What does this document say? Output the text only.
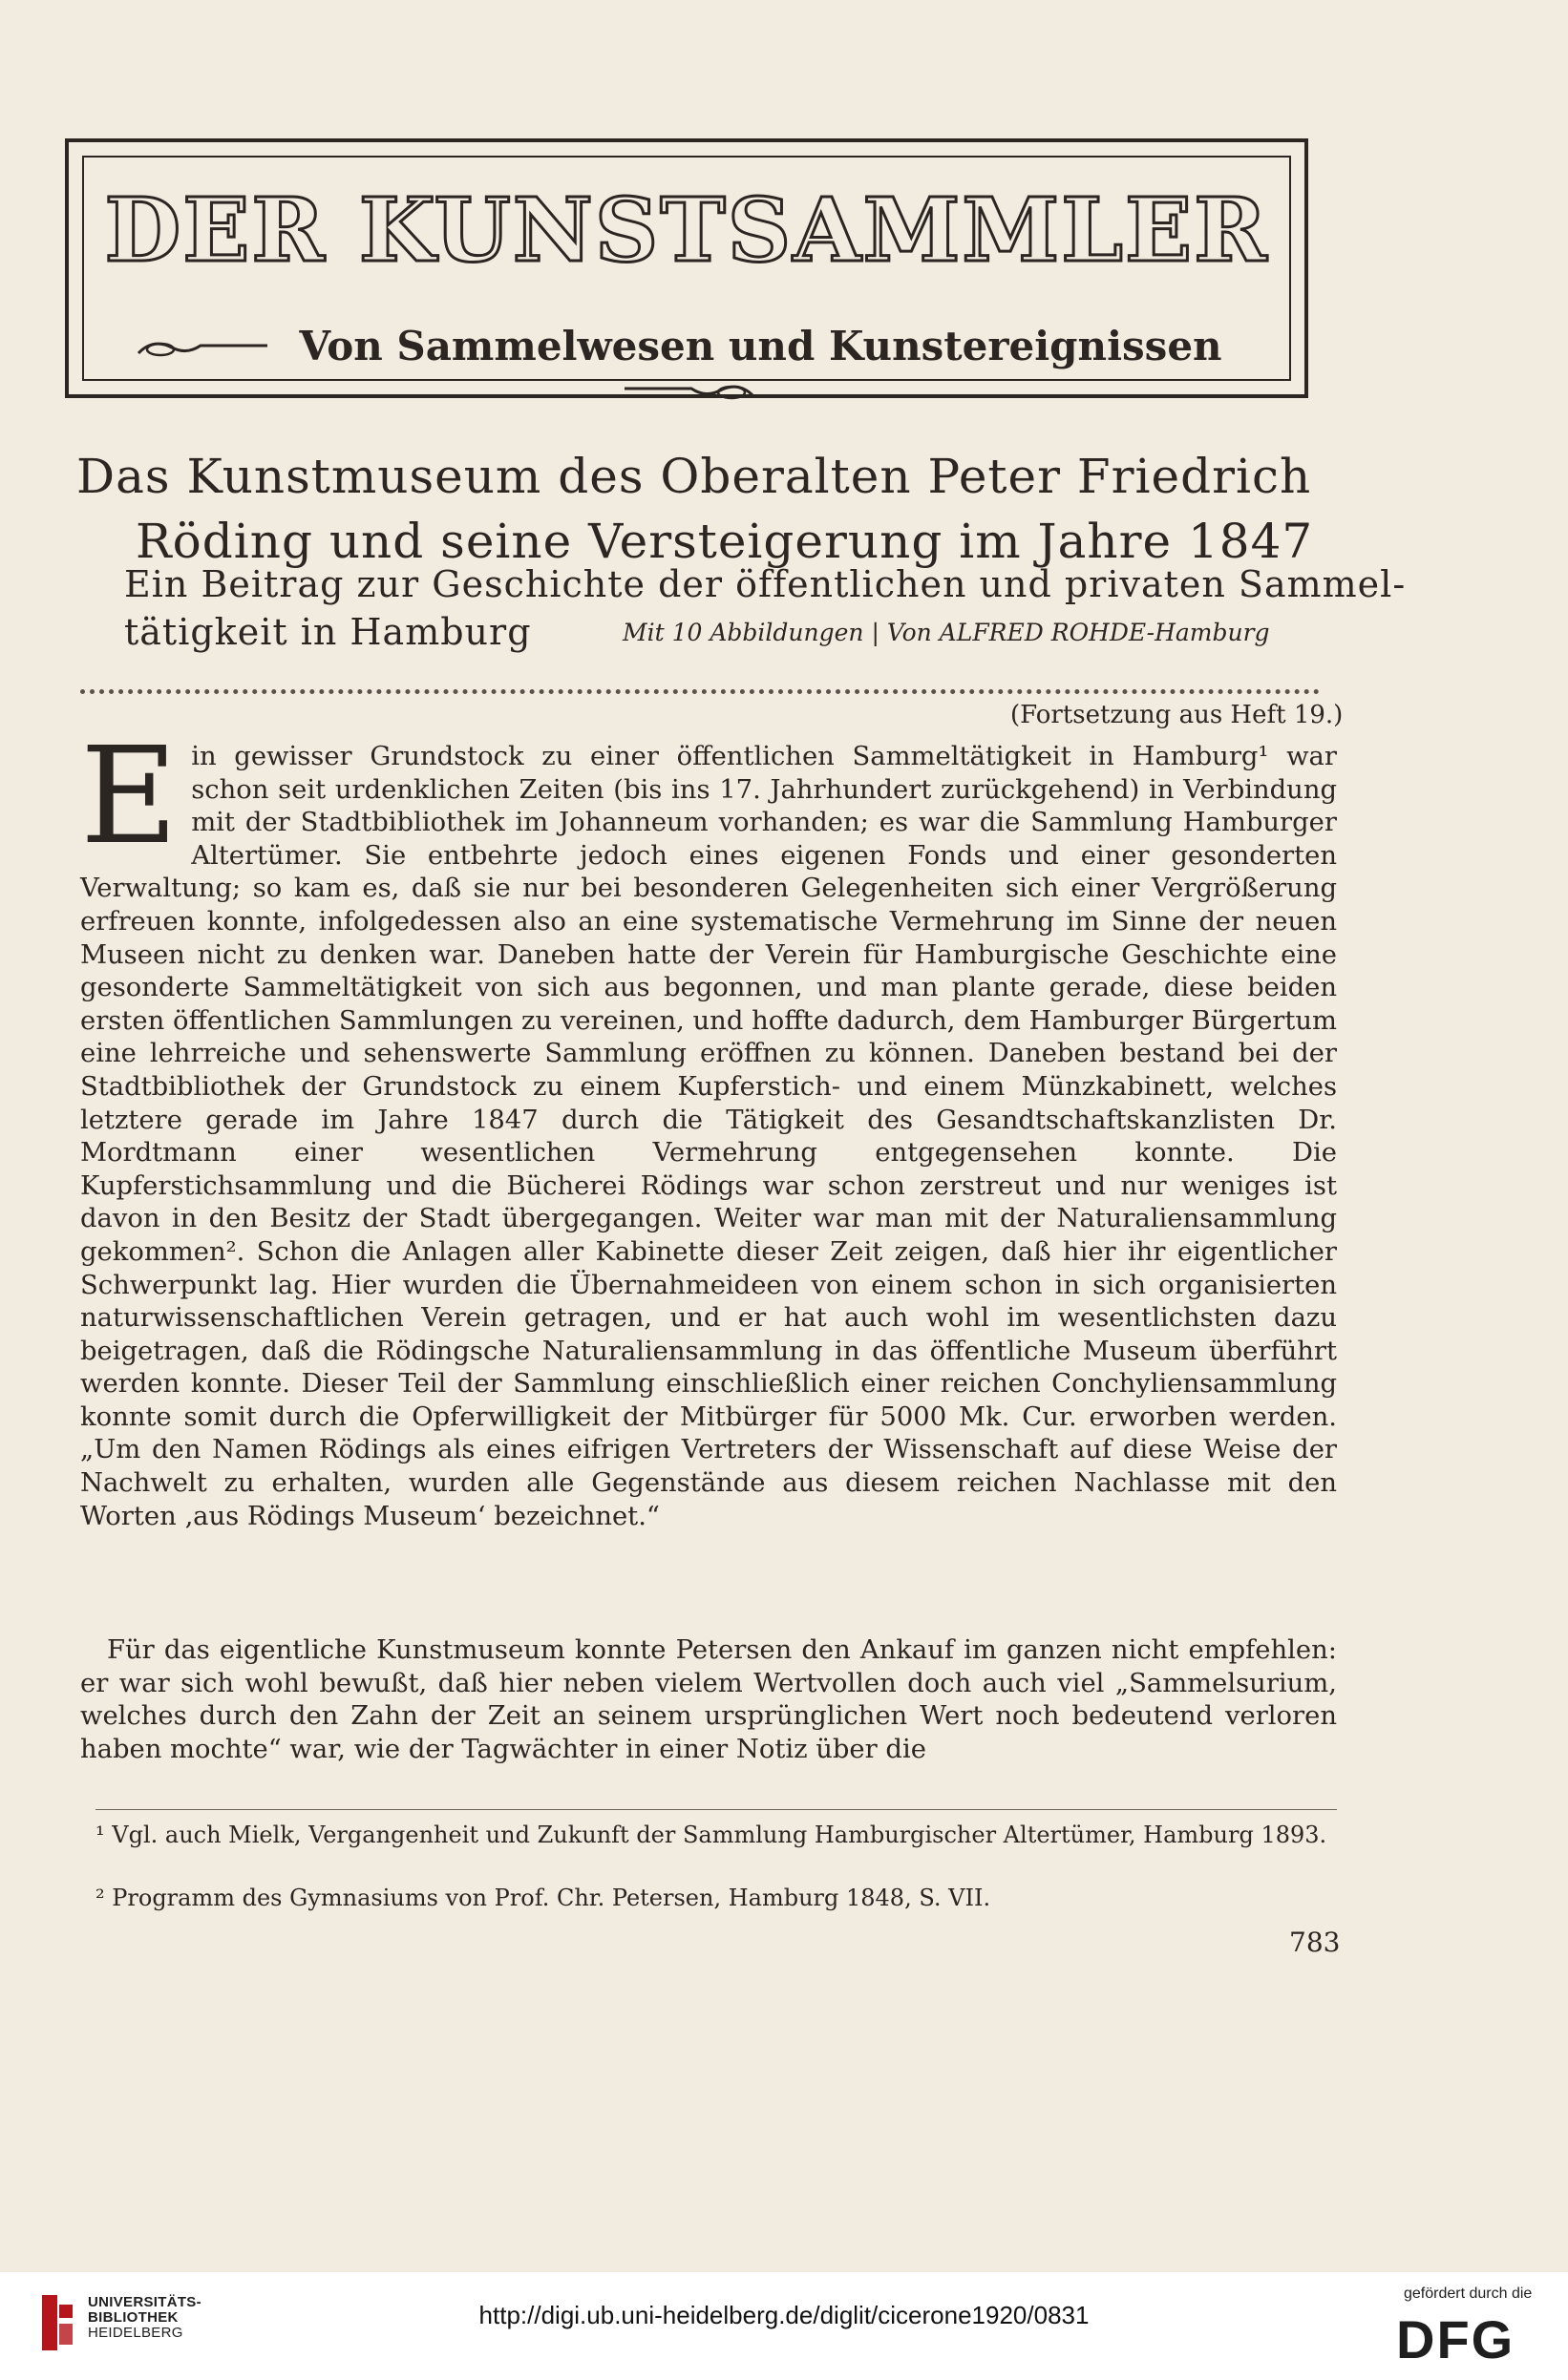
DER KUNSTSAMMLER
Von Sammelwesen und Kunstereignissen
Das Kunstmuseum des Oberalten Peter Friedrich
Röding und seine Versteigerung im Jahre 1847
Ein Beitrag zur Geschichte der öffentlichen und privaten Sammel-
tätigkeit in Hamburg	Mit 10 Abbildungen | Von ALFRED ROHDE-Hamburg
(Fortsetzung aus Heft 19.)

Ein gewisser Grundstock zu einer öffentlichen Sammeltätigkeit in Hamburg¹ war schon seit urdenklichen Zeiten (bis ins 17. Jahrhundert zurückgehend) in Verbindung mit der Stadtbibliothek im Johanneum vorhanden; es war die Sammlung Hamburger Altertümer. Sie entbehrte jedoch eines eigenen Fonds und einer gesonderten Verwaltung; so kam es, daß sie nur bei besonderen Gelegenheiten sich einer Vergrößerung erfreuen konnte, infolgedessen also an eine systematische Vermehrung im Sinne der neuen Museen nicht zu denken war. Daneben hatte der Verein für Hamburgische Geschichte eine gesonderte Sammeltätigkeit von sich aus begonnen, und man plante gerade, diese beiden ersten öffentlichen Sammlungen zu vereinen, und hoffte dadurch, dem Hamburger Bürgertum eine lehrreiche und sehenswerte Sammlung eröffnen zu können. Daneben bestand bei der Stadtbibliothek der Grundstock zu einem Kupferstich- und einem Münzkabinett, welches letztere gerade im Jahre 1847 durch die Tätigkeit des Gesandtschaftskanzlisten Dr. Mordtmann einer wesentlichen Vermehrung entgegensehen konnte. Die Kupferstichsammlung und die Bücherei Rödings war schon zerstreut und nur weniges ist davon in den Besitz der Stadt übergegangen. Weiter war man mit der Naturaliensammlung gekommen². Schon die Anlagen aller Kabinette dieser Zeit zeigen, daß hier ihr eigentlicher Schwerpunkt lag. Hier wurden die Übernahmeideen von einem schon in sich organisierten naturwissenschaftlichen Verein getragen, und er hat auch wohl im wesentlichsten dazu beigetragen, daß die Rödingsche Naturaliensammlung in das öffentliche Museum überführt werden konnte. Dieser Teil der Sammlung einschließlich einer reichen Conchyliensammlung konnte somit durch die Opferwilligkeit der Mitbürger für 5000 Mk. Cur. erworben werden. „Um den Namen Rödings als eines eifrigen Vertreters der Wissenschaft auf diese Weise der Nachwelt zu erhalten, wurden alle Gegenstände aus diesem reichen Nachlasse mit den Worten ‚aus Rödings Museum‘ bezeichnet.“

Für das eigentliche Kunstmuseum konnte Petersen den Ankauf im ganzen nicht empfehlen: er war sich wohl bewußt, daß hier neben vielem Wertvollen doch auch viel „Sammelsurium, welches durch den Zahn der Zeit an seinem ursprünglichen Wert noch bedeutend verloren haben mochte“ war, wie der Tagwächter in einer Notiz über die

¹ Vgl. auch Mielk, Vergangenheit und Zukunft der Sammlung Hamburgischer Altertümer, Hamburg 1893.

² Programm des Gymnasiums von Prof. Chr. Petersen, Hamburg 1848, S. VII.

783
UNIVERSITÄTS-
BIBLIOTHEK
HEIDELBERG
http://digi.ub.uni-heidelberg.de/diglit/cicerone1920/0831
gefördert durch die
DFG
